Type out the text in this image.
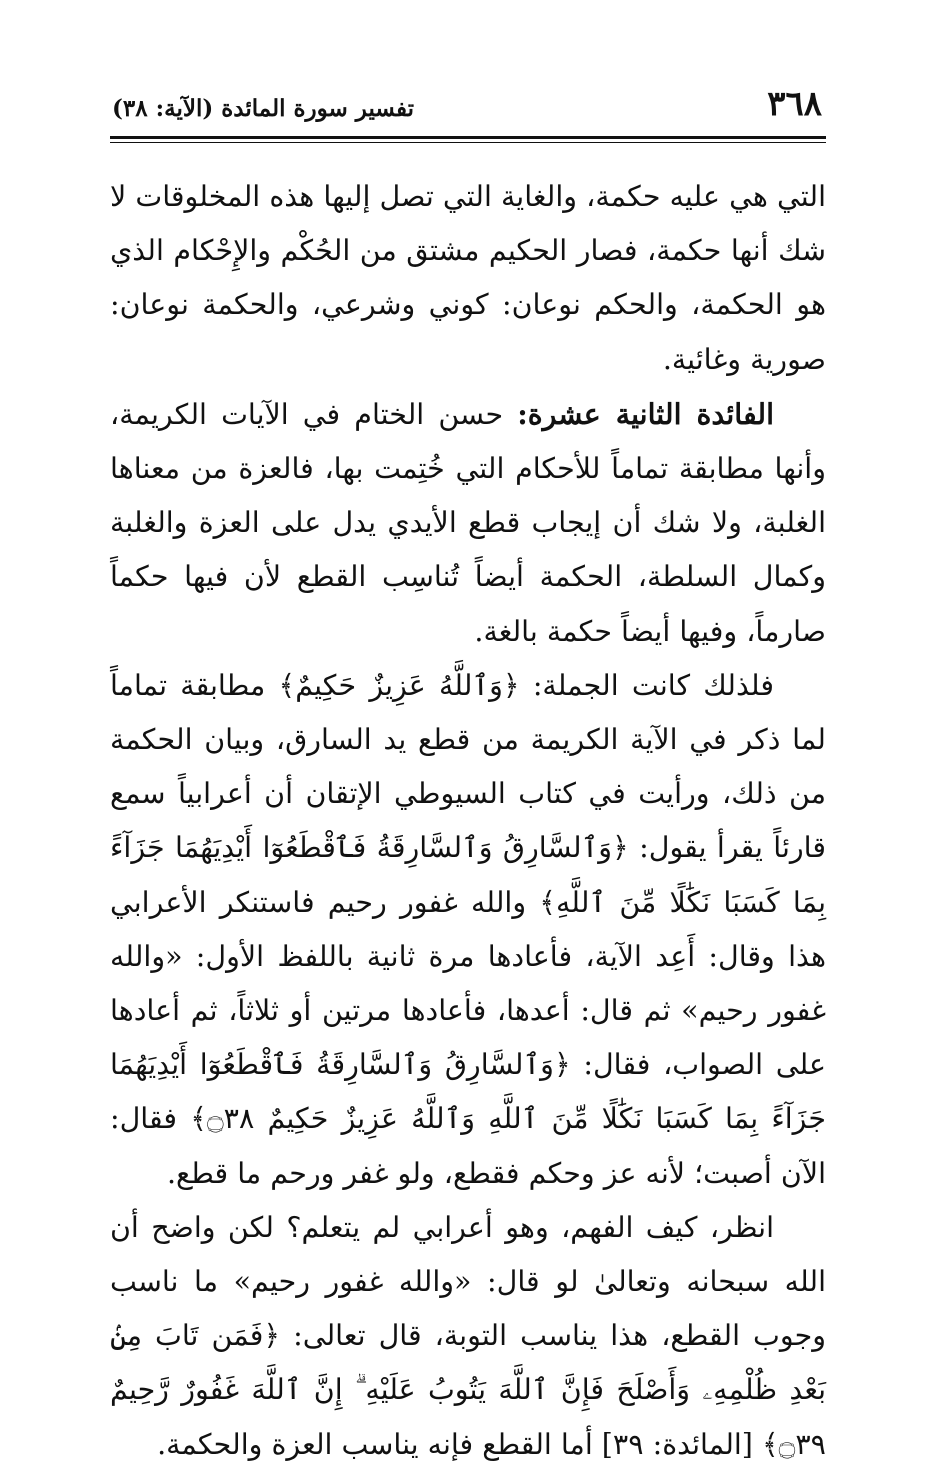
٣٦٨
تفسير سورة المائدة (الآية: ٣٨)

التي هي عليه حكمة، والغاية التي تصل إليها هذه المخلوقات لا شك أنها حكمة، فصار الحكيم مشتق من الحُكْم والإِحْكام الذي هو الحكمة، والحكم نوعان: كوني وشرعي، والحكمة نوعان: صورية وغائية.

الفائدة الثانية عشرة: حسن الختام في الآيات الكريمة، وأنها مطابقة تماماً للأحكام التي خُتِمت بها، فالعزة من معناها الغلبة، ولا شك أن إيجاب قطع الأيدي يدل على العزة والغلبة وكمال السلطة، الحكمة أيضاً تُناسِب القطع لأن فيها حكماً صارماً، وفيها أيضاً حكمة بالغة.

فلذلك كانت الجملة: ﴿وَٱللَّهُ عَزِيزٌ حَكِيمٌ﴾ مطابقة تماماً لما ذكر في الآية الكريمة من قطع يد السارق، وبيان الحكمة من ذلك، ورأيت في كتاب السيوطي الإتقان أن أعرابياً سمع قارئاً يقرأ يقول: ﴿وَٱلسَّارِقُ وَٱلسَّارِقَةُ فَٱقْطَعُوٓا أَيْدِيَهُمَا جَزَآءً بِمَا كَسَبَا نَكَٰلًا مِّنَ ٱللَّهِ﴾ والله غفور رحيم فاستنكر الأعرابي هذا وقال: أَعِد الآية، فأعادها مرة ثانية باللفظ الأول: «والله غفور رحيم» ثم قال: أعدها، فأعادها مرتين أو ثلاثاً، ثم أعادها على الصواب، فقال: ﴿وَٱلسَّارِقُ وَٱلسَّارِقَةُ فَٱقْطَعُوٓا أَيْدِيَهُمَا جَزَآءً بِمَا كَسَبَا نَكَٰلًا مِّنَ ٱللَّهِ وَٱللَّهُ عَزِيزٌ حَكِيمٌ ۝٣٨﴾ فقال: الآن أصبت؛ لأنه عز وحكم فقطع، ولو غفر ورحم ما قطع.

انظر، كيف الفهم، وهو أعرابي لم يتعلم؟ لكن واضح أن الله سبحانه وتعالىٰ لو قال: «والله غفور رحيم» ما ناسب وجوب القطع، هذا يناسب التوبة، قال تعالى: ﴿فَمَن تَابَ مِنۢ بَعْدِ ظُلْمِهِۦ وَأَصْلَحَ فَإِنَّ ٱللَّهَ يَتُوبُ عَلَيْهِ ۗ إِنَّ ٱللَّهَ غَفُورٌ رَّحِيمٌ ۝٣٩﴾ [المائدة: ٣٩] أما القطع فإنه يناسب العزة والحكمة.
